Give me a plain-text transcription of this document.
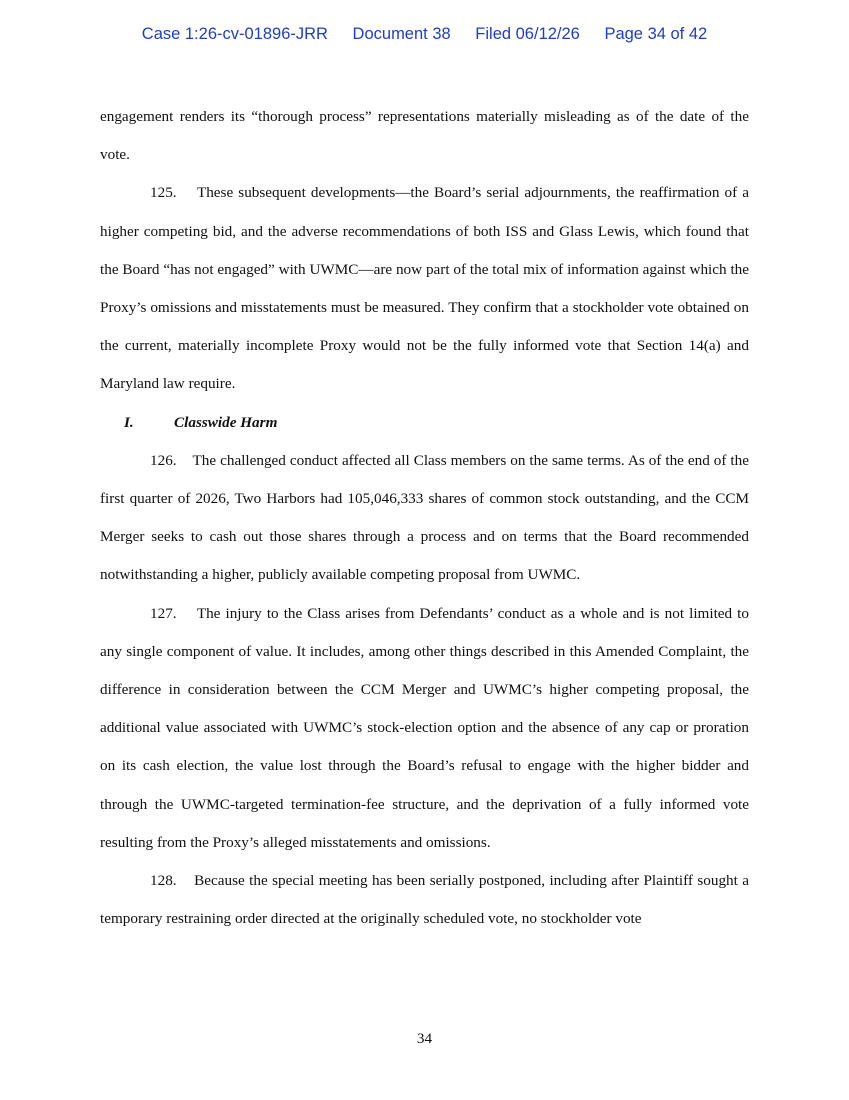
Case 1:26-cv-01896-JRR Document 38 Filed 06/12/26 Page 34 of 42

engagement renders its “thorough process” representations materially misleading as of the date of the vote.

125.    These subsequent developments—the Board’s serial adjournments, the reaffirmation of a higher competing bid, and the adverse recommendations of both ISS and Glass Lewis, which found that the Board “has not engaged” with UWMC—are now part of the total mix of information against which the Proxy’s omissions and misstatements must be measured. They confirm that a stockholder vote obtained on the current, materially incomplete Proxy would not be the fully informed vote that Section 14(a) and Maryland law require.

I.	Classwide Harm

126.    The challenged conduct affected all Class members on the same terms. As of the end of the first quarter of 2026, Two Harbors had 105,046,333 shares of common stock outstanding, and the CCM Merger seeks to cash out those shares through a process and on terms that the Board recommended notwithstanding a higher, publicly available competing proposal from UWMC.

127.    The injury to the Class arises from Defendants’ conduct as a whole and is not limited to any single component of value. It includes, among other things described in this Amended Complaint, the difference in consideration between the CCM Merger and UWMC’s higher competing proposal, the additional value associated with UWMC’s stock-election option and the absence of any cap or proration on its cash election, the value lost through the Board’s refusal to engage with the higher bidder and through the UWMC-targeted termination-fee structure, and the deprivation of a fully informed vote resulting from the Proxy’s alleged misstatements and omissions.

128.    Because the special meeting has been serially postponed, including after Plaintiff sought a temporary restraining order directed at the originally scheduled vote, no stockholder vote

34
